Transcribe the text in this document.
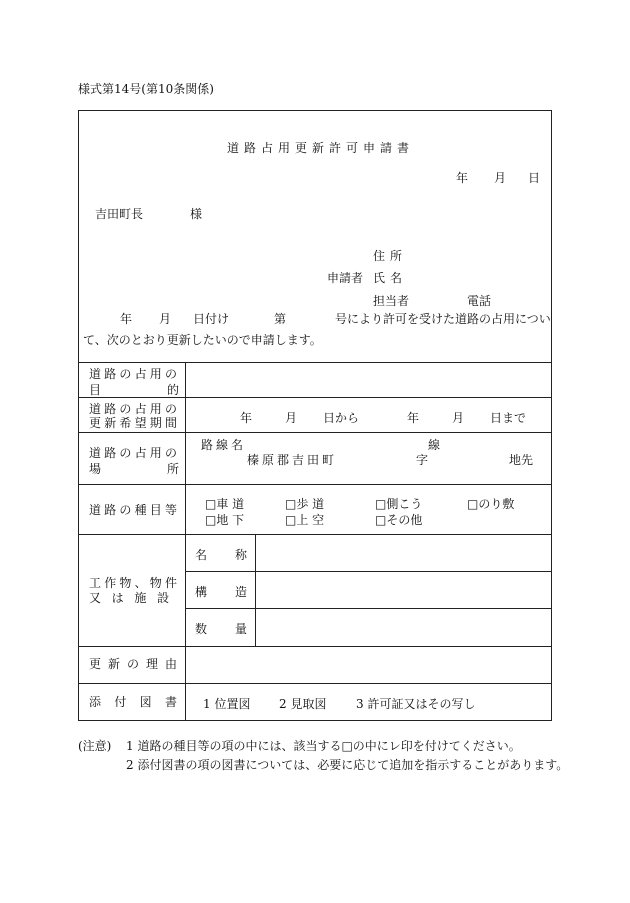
様式第14号(第10条関係)
道路占用更新許可申請書
年 月 日
吉田町長	様
住所
申請者 氏名
担当者	電話
年 月 日付け	第	号により許可を受けた道路の占用につい
て、次のとおり更新したいので申請します。
道路の占用の
目	的
道路の占用の
更新希望期間	年	月 日から	年	月 日まで
道路の占用の
場	所
路線名	線
榛原郡吉田町	字	地先
道路の種目等 □車 道	□歩 道	□側こう	□のり敷
□地 下	□上 空	□その他
工作物、物件
又は施設
名称
構造
数量
更新の理由
添付図書 1 位置図 2 見取図 3 許可証又はその写し
(注意) 1 道路の種目等の項の中には、該当する□の中にレ印を付けてください。
2 添付図書の項の図書については、必要に応じて追加を指示することがあります。
